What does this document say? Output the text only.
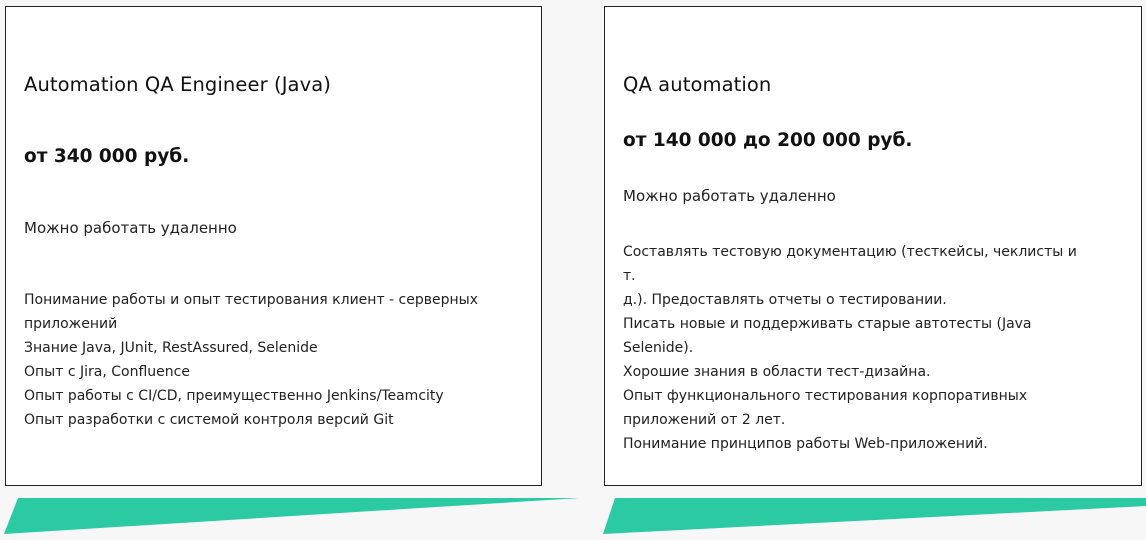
Automation QA Engineer (Java)
от 340 000 руб.
Можно работать удаленно
Понимание работы и опыт тестирования клиент - серверных
приложений
Знание Java, JUnit, RestAssured, Selenide
Опыт с Jira, Confluence
Опыт работы с CI/CD, преимущественно Jenkins/Teamcity
Опыт разработки с системой контроля версий Git
QA automation
от 140 000 до 200 000 руб.
Можно работать удаленно
Составлять тестовую документацию (тесткейсы, чеклисты и т.
д.). Предоставлять отчеты о тестировании.
Писать новые и поддерживать старые автотесты (Java
Selenide).
Хорошие знания в области тест-дизайна.
Опыт функционального тестирования корпоративных
приложений от 2 лет.
Понимание принципов работы Web-приложений.
